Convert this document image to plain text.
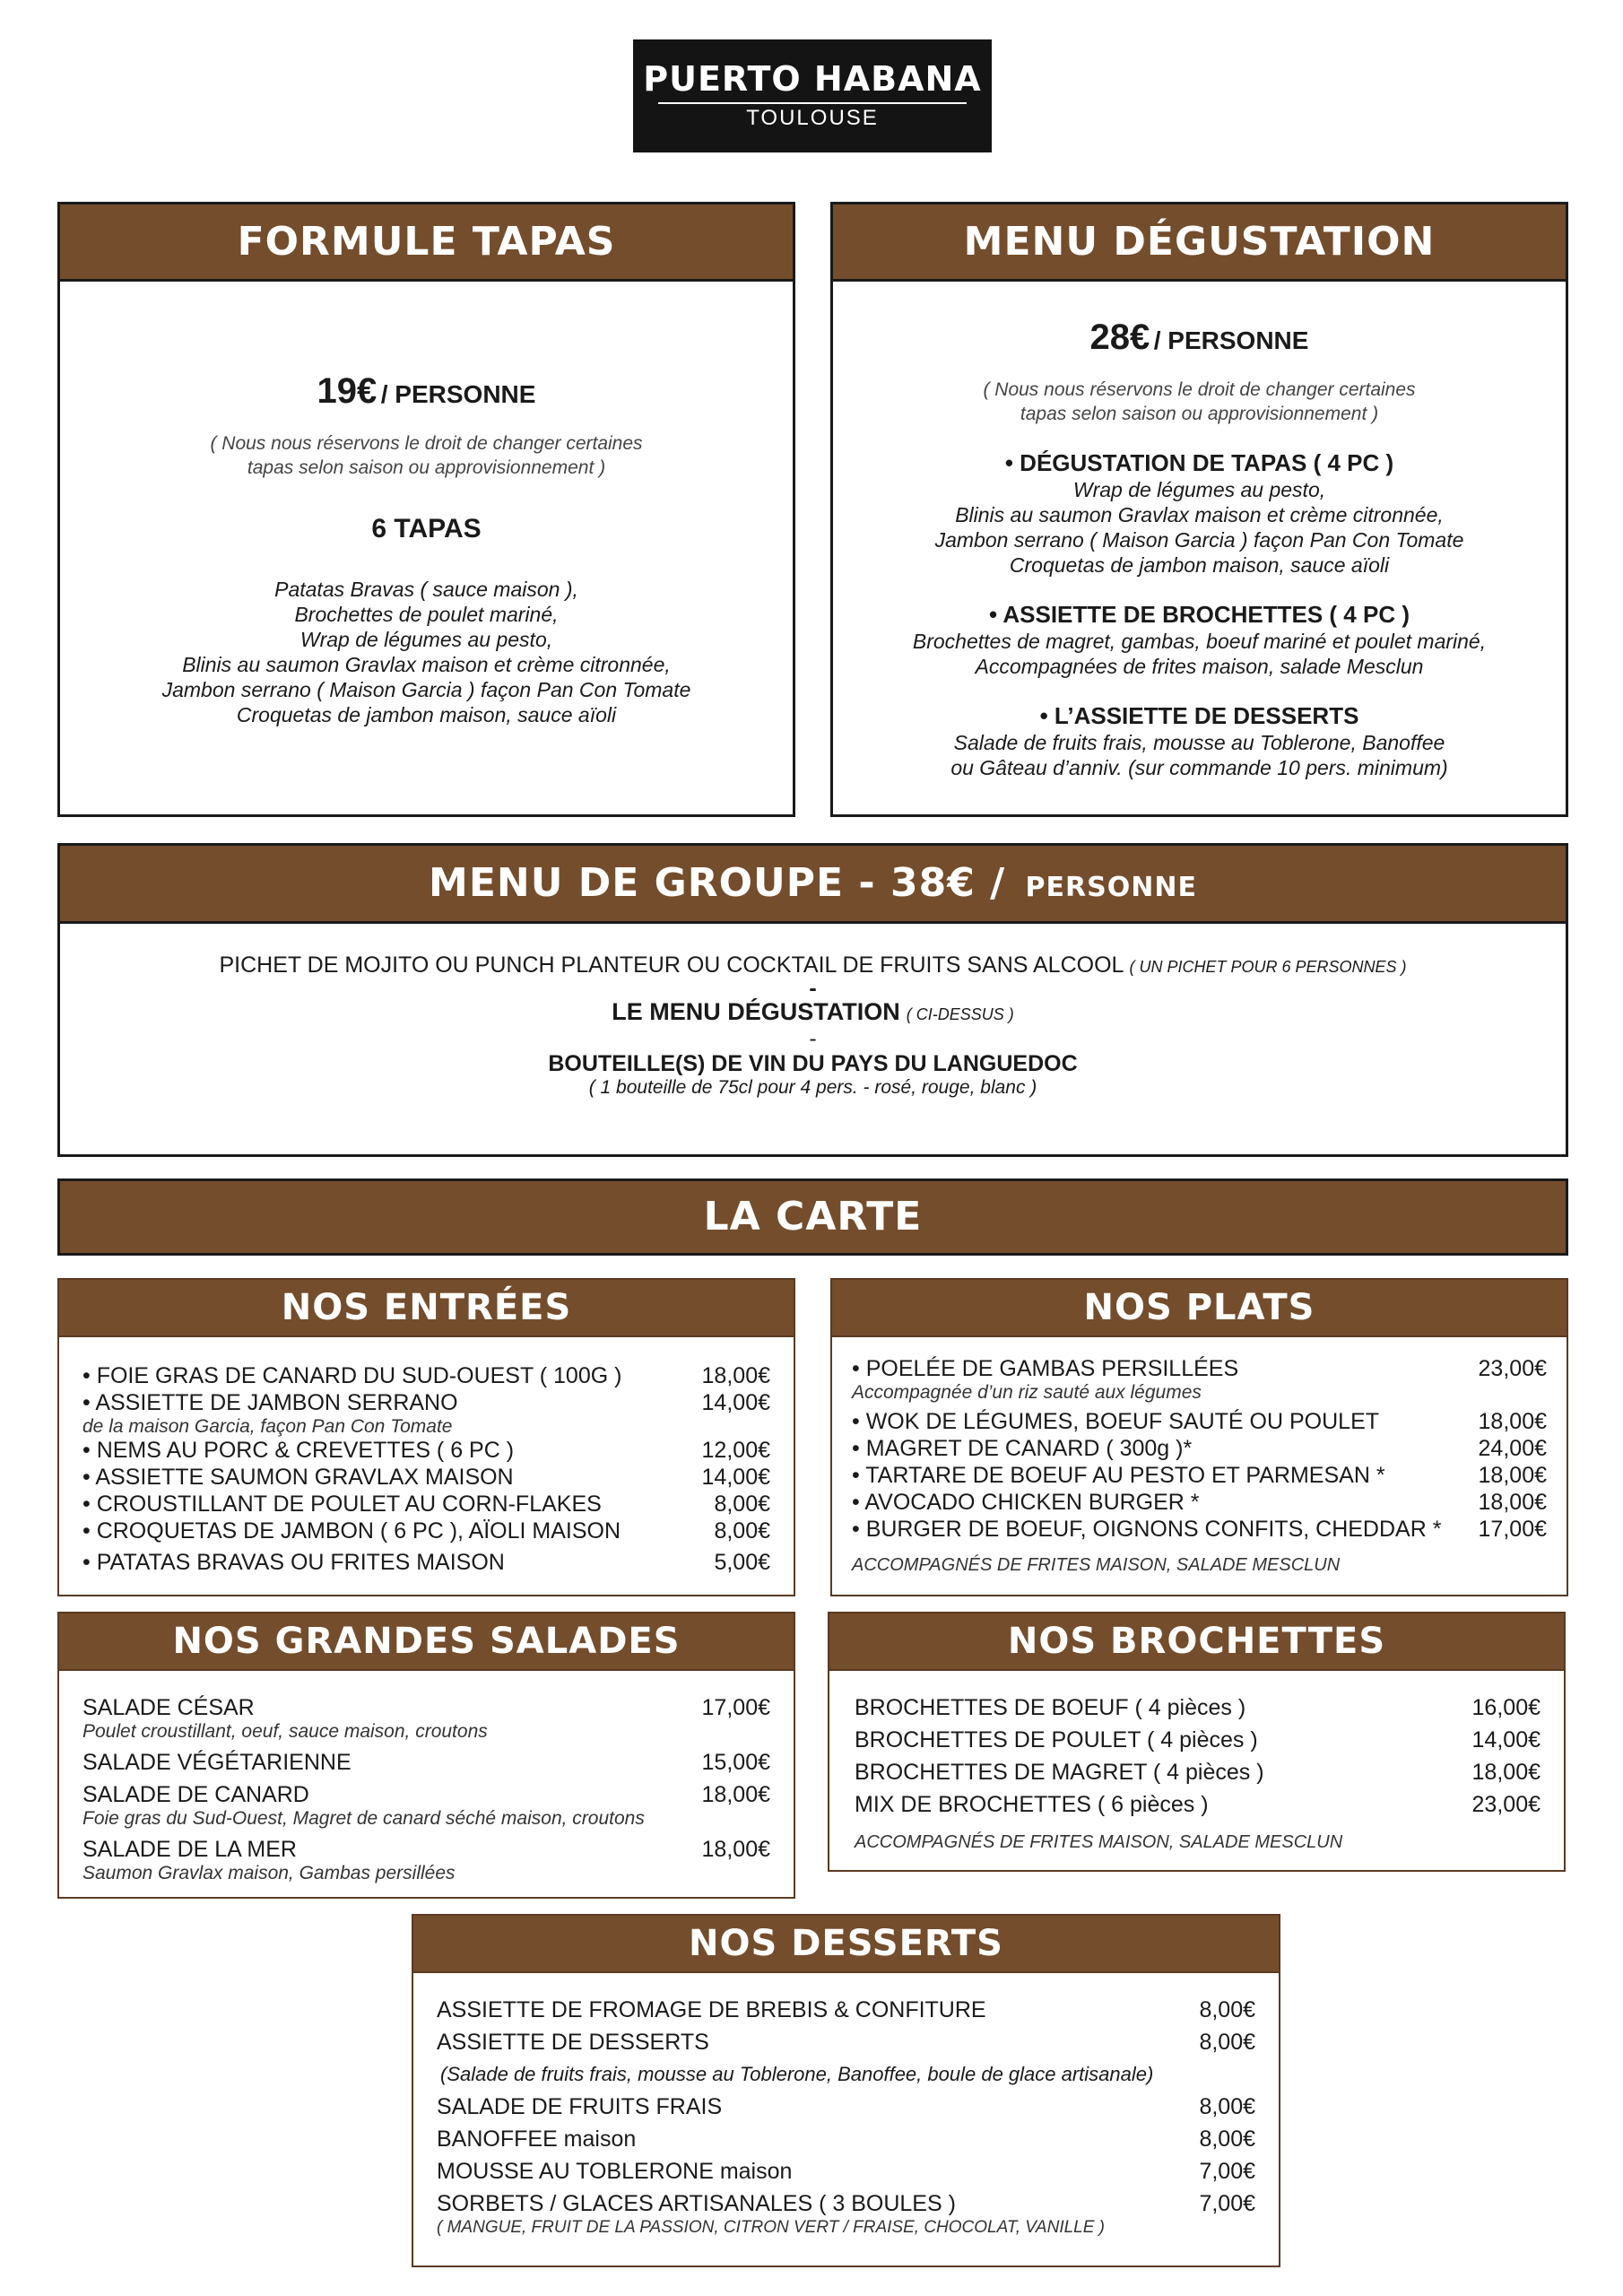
PUERTO HABANA
TOULOUSE
FORMULE TAPAS
19€ / PERSONNE
( Nous nous réservons le droit de changer certaines
tapas selon saison ou approvisionnement )
6 TAPAS
Patatas Bravas ( sauce maison ),
Brochettes de poulet mariné,
Wrap de légumes au pesto,
Blinis au saumon Gravlax maison et crème citronnée,
Jambon serrano ( Maison Garcia ) façon Pan Con Tomate
Croquetas de jambon maison, sauce aïoli
MENU DÉGUSTATION
28€ / PERSONNE
( Nous nous réservons le droit de changer certaines
tapas selon saison ou approvisionnement )
• DÉGUSTATION DE TAPAS ( 4 PC )
Wrap de légumes au pesto,
Blinis au saumon Gravlax maison et crème citronnée,
Jambon serrano ( Maison Garcia ) façon Pan Con Tomate
Croquetas de jambon maison, sauce aïoli
• ASSIETTE DE BROCHETTES ( 4 PC )
Brochettes de magret, gambas, boeuf mariné et poulet mariné,
Accompagnées de frites maison, salade Mesclun
• L’ASSIETTE DE DESSERTS
Salade de fruits frais, mousse au Toblerone, Banoffee
ou Gâteau d’anniv. (sur commande 10 pers. minimum)
MENU DE GROUPE - 38€ / PERSONNE
PICHET DE MOJITO OU PUNCH PLANTEUR OU COCKTAIL DE FRUITS SANS ALCOOL ( UN PICHET POUR 6 PERSONNES )
-
LE MENU DÉGUSTATION ( CI-DESSUS )
-
BOUTEILLE(S) DE VIN DU PAYS DU LANGUEDOC
( 1 bouteille de 75cl pour 4 pers. - rosé, rouge, blanc )
LA CARTE
NOS ENTRÉES
• FOIE GRAS DE CANARD DU SUD-OUEST ( 100G )	18,00€
• ASSIETTE DE JAMBON SERRANO	14,00€
de la maison Garcia, façon Pan Con Tomate
• NEMS AU PORC & CREVETTES ( 6 PC )	12,00€
• ASSIETTE SAUMON GRAVLAX MAISON	14,00€
• CROUSTILLANT DE POULET AU CORN-FLAKES	8,00€
• CROQUETAS DE JAMBON ( 6 PC ), AÏOLI MAISON	8,00€
• PATATAS BRAVAS OU FRITES MAISON	5,00€
NOS PLATS
• POELÉE DE GAMBAS PERSILLÉES	23,00€
Accompagnée d’un riz sauté aux légumes
• WOK DE LÉGUMES, BOEUF SAUTÉ OU POULET	18,00€
• MAGRET DE CANARD ( 300g )*	24,00€
• TARTARE DE BOEUF AU PESTO ET PARMESAN *	18,00€
• AVOCADO CHICKEN BURGER *	18,00€
• BURGER DE BOEUF, OIGNONS CONFITS, CHEDDAR * 17,00€
ACCOMPAGNÉS DE FRITES MAISON, SALADE MESCLUN
NOS GRANDES SALADES
SALADE CÉSAR	17,00€
Poulet croustillant, oeuf, sauce maison, croutons
SALADE VÉGÉTARIENNE	15,00€
SALADE DE CANARD	18,00€
Foie gras du Sud-Ouest, Magret de canard séché maison, croutons
SALADE DE LA MER	18,00€
Saumon Gravlax maison, Gambas persillées
NOS BROCHETTES
BROCHETTES DE BOEUF ( 4 pièces )	16,00€
BROCHETTES DE POULET ( 4 pièces )	14,00€
BROCHETTES DE MAGRET ( 4 pièces )	18,00€
MIX DE BROCHETTES ( 6 pièces )	23,00€
ACCOMPAGNÉS DE FRITES MAISON, SALADE MESCLUN
NOS DESSERTS
ASSIETTE DE FROMAGE DE BREBIS & CONFITURE	8,00€
ASSIETTE DE DESSERTS	8,00€
(Salade de fruits frais, mousse au Toblerone, Banoffee, boule de glace artisanale)
SALADE DE FRUITS FRAIS	8,00€
BANOFFEE maison	8,00€
MOUSSE AU TOBLERONE maison	7,00€
SORBETS / GLACES ARTISANALES ( 3 BOULES )	7,00€
( MANGUE, FRUIT DE LA PASSION, CITRON VERT / FRAISE, CHOCOLAT, VANILLE )
